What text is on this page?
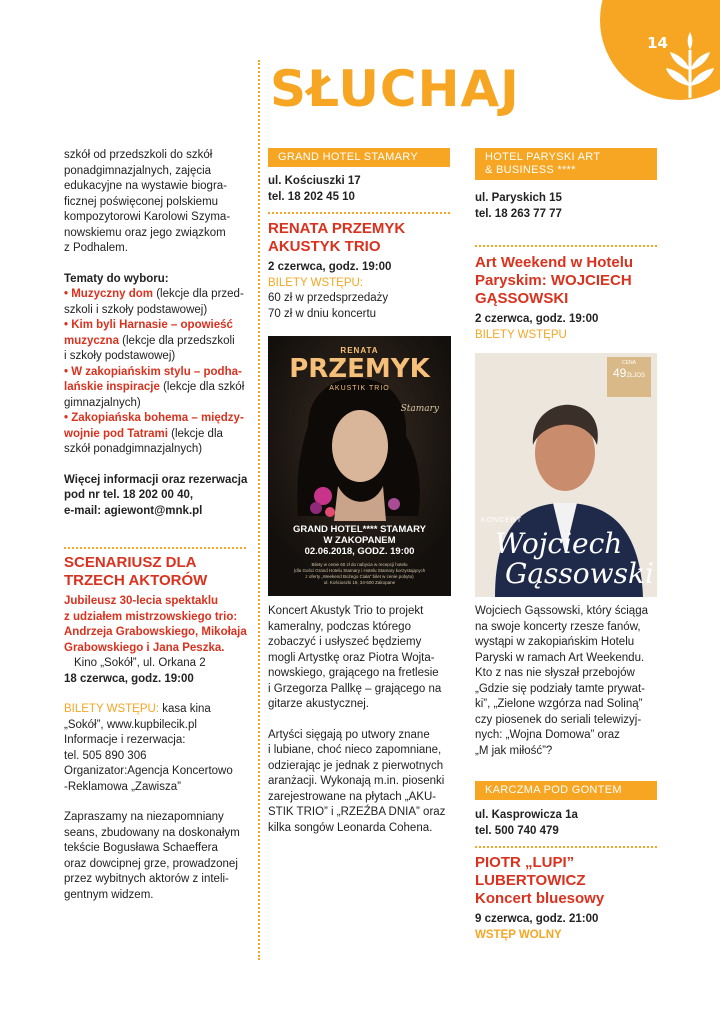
14
SŁUCHAJ

szkół od przedszkoli do szkół

ponadgimnazjalnych, zajęcia

edukacyjne na wystawie biogra-

ficznej poświęconej polskiemu

kompozytorowi Karolowi Szyma-

nowskiemu oraz jego związkom

z Podhalem.

Tematy do wyboru:

• Muzyczny dom (lekcje dla przed-

szkoli i szkoły podstawowej)

• Kim byli Harnasie – opowieść

muzyczna (lekcje dla przedszkoli

i szkoły podstawowej)

• W zakopiańskim stylu – podha-

lańskie inspiracje (lekcje dla szkół

gimnazjalnych)

• Zakopiańska bohema – między-

wojnie pod Tatrami (lekcje dla

szkół ponadgimnazjalnych)

Więcej informacji oraz rezerwacja

pod nr tel. 18 202 00 40,

e-mail: agiewont@mnk.pl

SCENARIUSZ DLA

TRZECH AKTORÓW

Jubileusz 30-lecia spektaklu

z udziałem mistrzowskiego trio:

Andrzeja Grabowskiego, Mikołaja

Grabowskiego i Jana Peszka.

Kino „Sokół”, ul. Orkana 2

18 czerwca, godz. 19:00

BILETY WSTĘPU: kasa kina

„Sokół”, www.kupbilecik.pl

Informacje i rezerwacja:

tel. 505 890 306

Organizator:Agencja Koncertowo

-Reklamowa „Zawisza”

Zapraszamy na niezapomniany

seans, zbudowany na doskonałym

tekście Bogusława Schaeffera

oraz dowcipnej grze, prowadzonej

przez wybitnych aktorów z inteli-

gentnym widzem.

GRAND HOTEL STAMARY

ul. Kościuszki 17

tel. 18 202 45 10

RENATA PRZEMYK

AKUSTYK TRIO

2 czerwca, godz. 19:00

BILETY WSTĘPU:

60 zł w przedsprzedaży

70 zł w dniu koncertu

RENATA
PRZEMYK
AKUSTIK TRIO
Stamary
GRAND HOTEL**** STAMARY
W ZAKOPANEM
02.06.2018, GODZ. 19:00
Bilety w cenie 60 zł do nabycia w recepcji hotelu
(dla Gości Grand Hotelu Stamary i Hotelu Stamary korzystających
z oferty „Weekend Bożego Ciała” bilet w cenie pobytu)
ul. Kościuszki 19, 34-500 Zakopane

Koncert Akustyk Trio to projekt

kameralny, podczas którego

zobaczyć i usłyszeć będziemy

mogli Artystkę oraz Piotra Wojta-

nowskiego, grającego na fretlesie

i Grzegorza Pallkę – grającego na

gitarze akustycznej.

Artyści sięgają po utwory znane

i lubiane, choć nieco zapomniane,

odzierając je jednak z pierwotnych

aranżacji. Wykonają m.in. piosenki

zarejestrowane na płytach „AKU-

STIK TRIO” i „RZEŹBA DNIA” oraz

kilka songów Leonarda Cohena.

HOTEL PARYSKI ART
& BUSINESS ****

ul. Paryskich 15

tel. 18 263 77 77

Art Weekend w Hotelu

Paryskim: WOJCIECH

GĄSSOWSKI

2 czerwca, godz. 19:00

BILETY WSTĘPU

CENA
49ZŁJOS
KONCERT
Wojciech
Gąssowski

Wojciech Gąssowski, który ściąga

na swoje koncerty rzesze fanów,

wystąpi w zakopiańskim Hotelu

Paryski w ramach Art Weekendu.

Kto z nas nie słyszał przebojów

„Gdzie się podziały tamte prywat-

ki”, „Zielone wzgórza nad Soliną”

czy piosenek do seriali telewizyj-

nych: „Wojna Domowa” oraz

„M jak miłość”?

KARCZMA POD GONTEM

ul. Kasprowicza 1a

tel. 500 740 479

PIOTR „LUPI”

LUBERTOWICZ

Koncert bluesowy

9 czerwca, godz. 21:00

WSTĘP WOLNY
